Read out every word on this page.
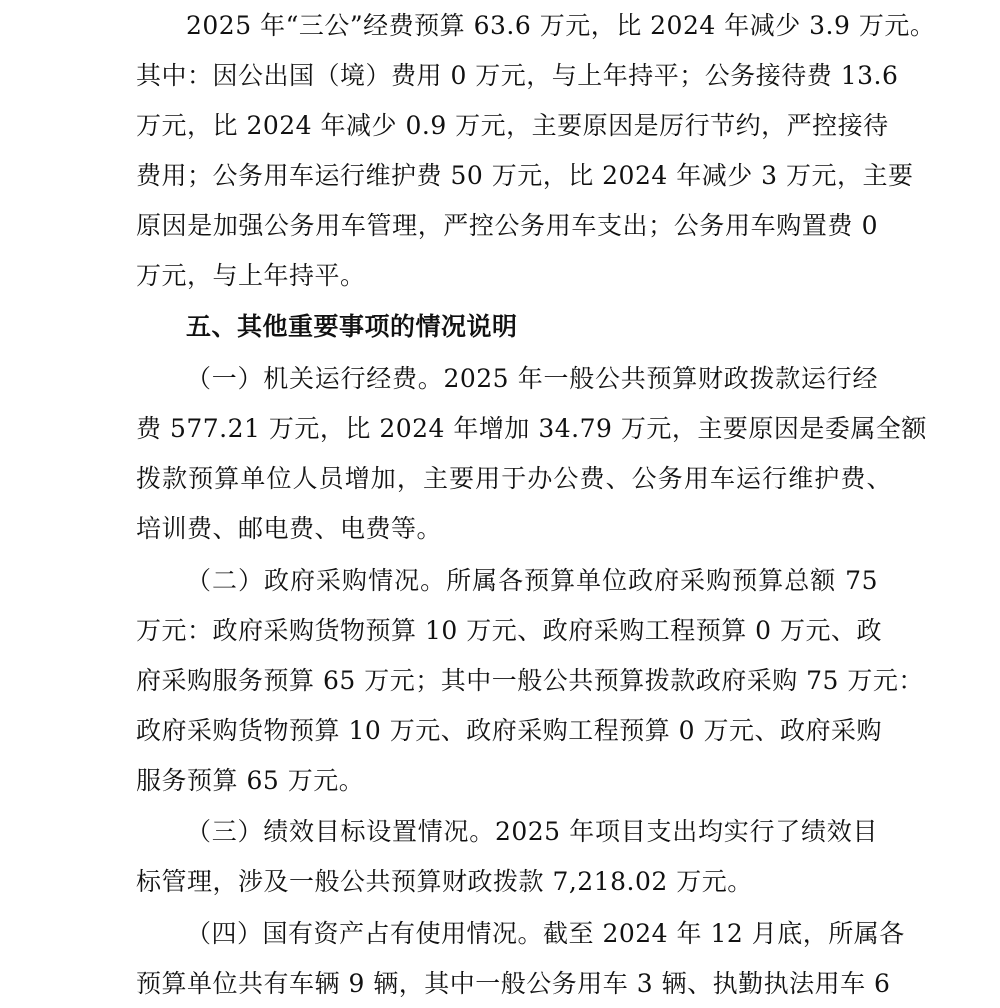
2025 年“三公”经费预算 63.6 万元，比 2024 年减少 3.9 万元。
其中：因公出国（境）费用 0 万元，与上年持平；公务接待费 13.6
万元，比 2024 年减少 0.9 万元，主要原因是厉行节约，严控接待
费用；公务用车运行维护费 50 万元，比 2024 年减少 3 万元，主要
原因是加强公务用车管理，严控公务用车支出；公务用车购置费 0
万元，与上年持平。
五、其他重要事项的情况说明
（一）机关运行经费。2025 年一般公共预算财政拨款运行经
费 577.21 万元，比 2024 年增加 34.79 万元，主要原因是委属全额
拨款预算单位人员增加，主要用于办公费、公务用车运行维护费、
培训费、邮电费、电费等。
（二）政府采购情况。所属各预算单位政府采购预算总额 75
万元：政府采购货物预算 10 万元、政府采购工程预算 0 万元、政
府采购服务预算 65 万元；其中一般公共预算拨款政府采购 75 万元：
政府采购货物预算 10 万元、政府采购工程预算 0 万元、政府采购
服务预算 65 万元。
（三）绩效目标设置情况。2025 年项目支出均实行了绩效目
标管理，涉及一般公共预算财政拨款 7,218.02 万元。
（四）国有资产占有使用情况。截至 2024 年 12 月底，所属各
预算单位共有车辆 9 辆，其中一般公务用车 3 辆、执勤执法用车 6
